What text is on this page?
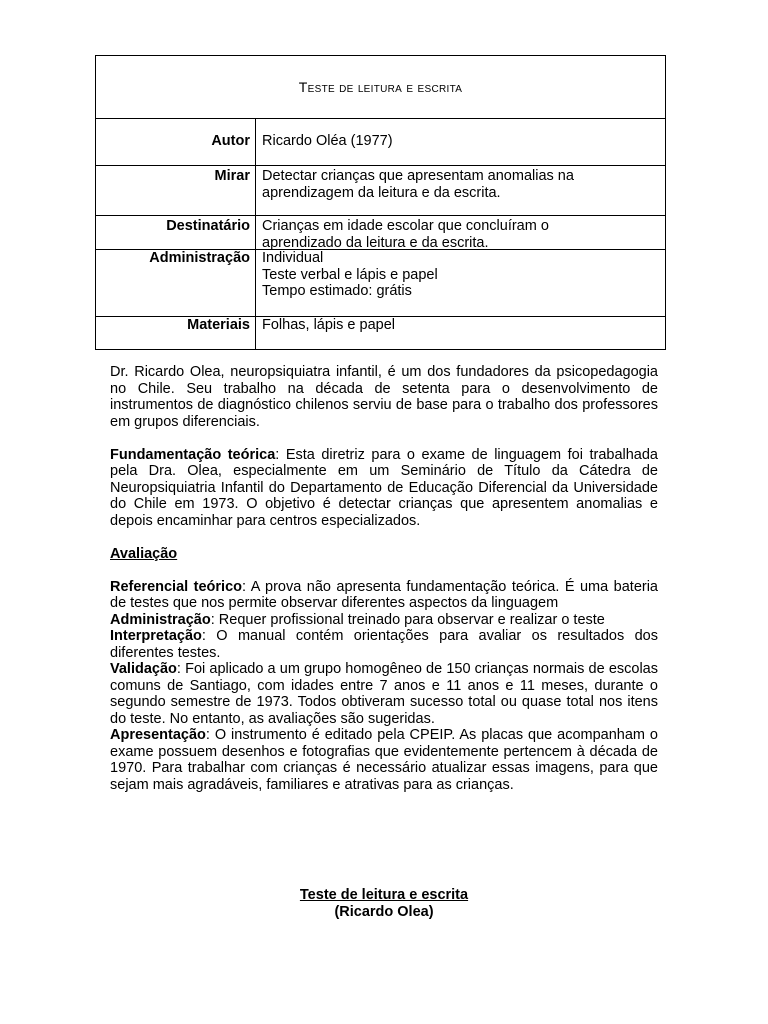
Teste de leitura e escrita
Autor Ricardo Oléa (1977)
Mirar Detectar crianças que apresentam anomalias na
aprendizagem da leitura e da escrita.
Destinatário Crianças em idade escolar que concluíram o
aprendizado da leitura e da escrita.
Administração Individual
Teste verbal e lápis e papel
Tempo estimado: grátis
Materiais Folhas, lápis e papel

Dr. Ricardo Olea, neuropsiquiatra infantil, é um dos fundadores da psicopedagogia no Chile. Seu trabalho na década de setenta para o desenvolvimento de instrumentos de diagnóstico chilenos serviu de base para o trabalho dos professores em grupos diferenciais.

Fundamentação teórica: Esta diretriz para o exame de linguagem foi trabalhada pela Dra. Olea, especialmente em um Seminário de Título da Cátedra de Neuropsiquiatria Infantil do Departamento de Educação Diferencial da Universidade do Chile em 1973. O objetivo é detectar crianças que apresentem anomalias e depois encaminhar para centros especializados.

Avaliação

Referencial teórico: A prova não apresenta fundamentação teórica. É uma bateria de testes que nos permite observar diferentes aspectos da linguagem

Administração: Requer profissional treinado para observar e realizar o teste

Interpretação: O manual contém orientações para avaliar os resultados dos diferentes testes.

Validação: Foi aplicado a um grupo homogêneo de 150 crianças normais de escolas comuns de Santiago, com idades entre 7 anos e 11 anos e 11 meses, durante o segundo semestre de 1973. Todos obtiveram sucesso total ou quase total nos itens do teste. No entanto, as avaliações são sugeridas.

Apresentação: O instrumento é editado pela CPEIP. As placas que acompanham o exame possuem desenhos e fotografias que evidentemente pertencem à década de 1970. Para trabalhar com crianças é necessário atualizar essas imagens, para que sejam mais agradáveis, familiares e atrativas para as crianças.

Teste de leitura e escrita
(Ricardo Olea)
